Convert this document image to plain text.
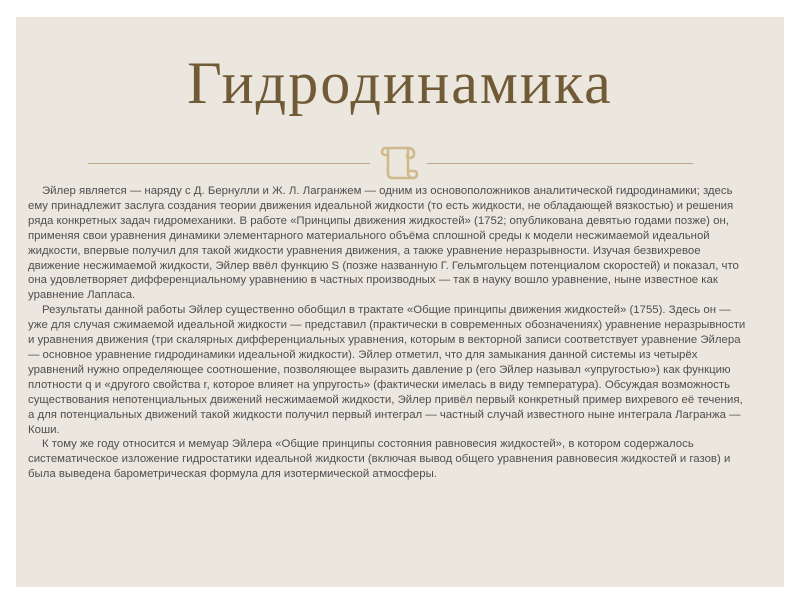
Гидродинамика

Эйлер является — наряду с Д. Бернулли и Ж. Л. Лагранжем — одним из основоположников аналитической гидродинамики; здесь ему принадлежит заслуга создания теории движения идеальной жидкости (то есть жидкости, не обладающей вязкостью) и решения ряда конкретных задач гидромеханики. В работе «Принципы движения жидкостей» (1752; опубликована девятью годами позже) он, применяя свои уравнения динамики элементарного материального объёма сплошной среды к модели несжимаемой идеальной жидкости, впервые получил для такой жидкости уравнения движения, а также уравнение неразрывности. Изучая безвихревое движение несжимаемой жидкости, Эйлер ввёл функцию S (позже названную Г. Гельмгольцем потенциалом скоростей) и показал, что она удовлетворяет дифференциальному уравнению в частных производных — так в науку вошло уравнение, ныне известное как уравнение Лапласа.

Результаты данной работы Эйлер существенно обобщил в трактате «Общие принципы движения жидкостей» (1755). Здесь он — уже для случая сжимаемой идеальной жидкости — представил (практически в современных обозначениях) уравнение неразрывности и уравнения движения (три скалярных дифференциальных уравнения, которым в векторной записи соответствует уравнение Эйлера — основное уравнение гидродинамики идеальной жидкости). Эйлер отметил, что для замыкания данной системы из четырёх уравнений нужно определяющее соотношение, позволяющее выразить давление p (его Эйлер называл «упругостью») как функцию плотности q и «другого свойства r, которое влияет на упругость» (фактически имелась в виду температура). Обсуждая возможность существования непотенциальных движений несжимаемой жидкости, Эйлер привёл первый конкретный пример вихревого её течения, а для потенциальных движений такой жидкости получил первый интеграл — частный случай известного ныне интеграла Лагранжа — Коши.

К тому же году относится и мемуар Эйлера «Общие принципы состояния равновесия жидкостей», в котором содержалось систематическое изложение гидростатики идеальной жидкости (включая вывод общего уравнения равновесия жидкостей и газов) и была выведена барометрическая формула для изотермической атмосферы.
